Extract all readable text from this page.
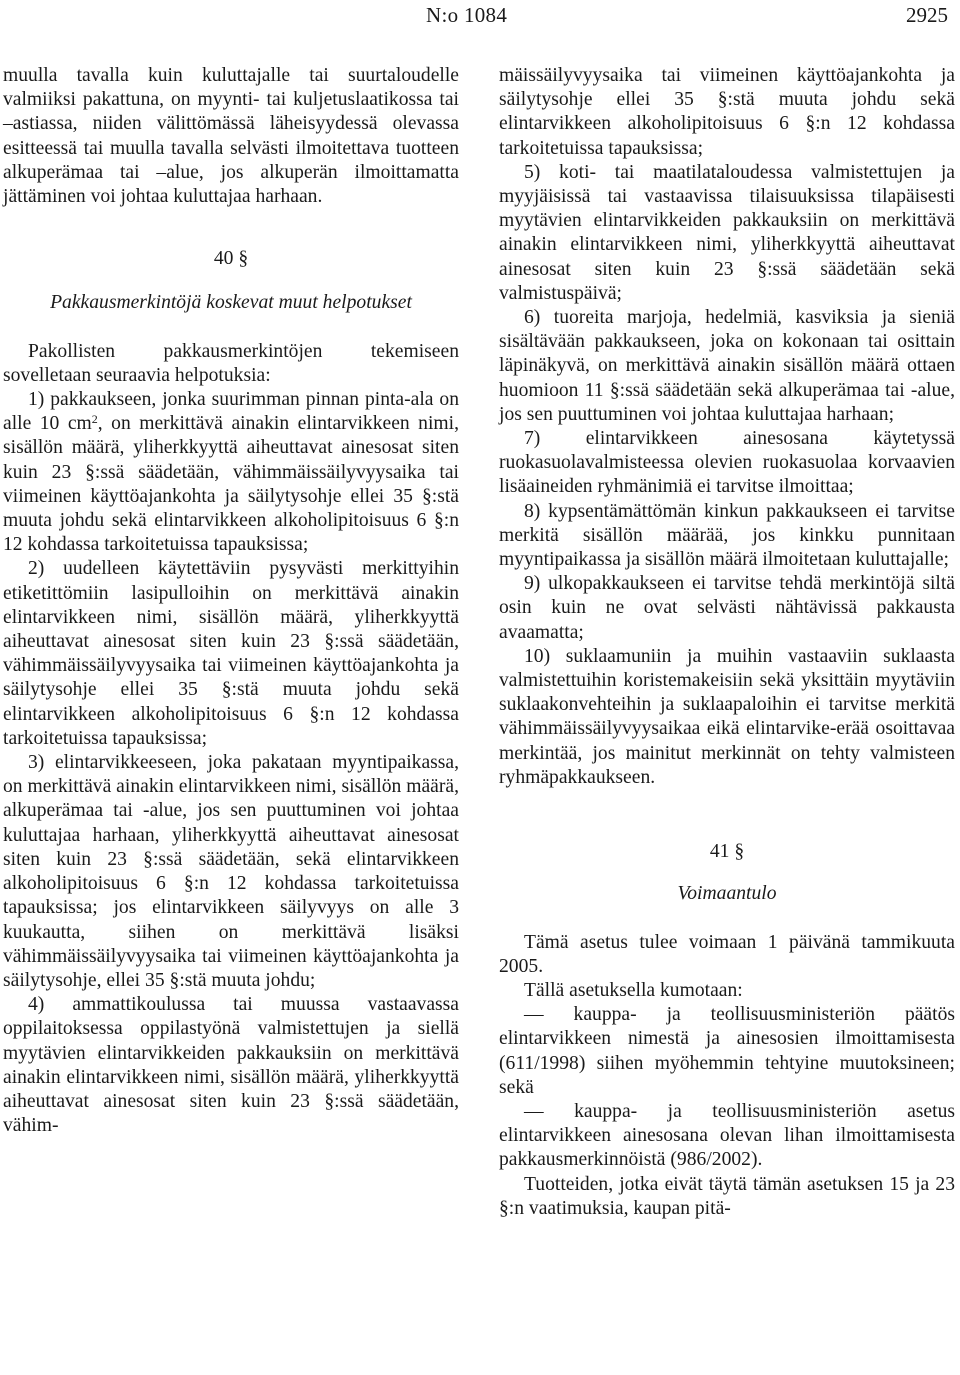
N:o 1084	2925

muulla tavalla kuin kuluttajalle tai suurtaloudelle valmiiksi pakattuna, on myynti- tai kuljetuslaatikossa tai –astiassa, niiden välittömässä läheisyydessä olevassa esitteessä tai muulla tavalla selvästi ilmoitettava tuotteen alkuperämaa tai –alue, jos alkuperän ilmoittamatta jättäminen voi johtaa kuluttajaa harhaan.

40 §
Pakkausmerkintöjä koskevat muut helpotukset

Pakollisten pakkausmerkintöjen tekemiseen sovelletaan seuraavia helpotuksia:

1) pakkaukseen, jonka suurimman pinnan pinta-ala on alle 10 $cm^2$, on merkittävä ainakin elintarvikkeen nimi, sisällön määrä, yliherkkyyttä aiheuttavat ainesosat siten kuin 23 §:ssä säädetään, vähimmäissäilyvyysaika tai viimeinen käyttöajankohta ja säilytysohje ellei 35 §:stä muuta johdu sekä elintarvikkeen alkoholipitoisuus 6 §:n 12 kohdassa tarkoitetuissa tapauksissa;

2) uudelleen käytettäviin pysyvästi merkittyihin etiketittömiin lasipulloihin on merkittävä ainakin elintarvikkeen nimi, sisällön määrä, yliherkkyyttä aiheuttavat ainesosat siten kuin 23 §:ssä säädetään, vähimmäissäilyvyysaika tai viimeinen käyttöajankohta ja säilytysohje ellei 35 §:stä muuta johdu sekä elintarvikkeen alkoholipitoisuus 6 §:n 12 kohdassa tarkoitetuissa tapauksissa;

3) elintarvikkeeseen, joka pakataan myyntipaikassa, on merkittävä ainakin elintarvikkeen nimi, sisällön määrä, alkuperämaa tai -alue, jos sen puuttuminen voi johtaa kuluttajaa harhaan, yliherkkyyttä aiheuttavat ainesosat siten kuin 23 §:ssä säädetään, sekä elintarvikkeen alkoholipitoisuus 6 §:n 12 kohdassa tarkoitetuissa tapauksissa; jos elintarvikkeen säilyvyys on alle 3 kuukautta, siihen on merkittävä lisäksi vähimmäissäilyvyysaika tai viimeinen käyttöajankohta ja säilytysohje, ellei 35 §:stä muuta johdu;

4) ammattikoulussa tai muussa vastaavassa oppilaitoksessa oppilastyönä valmistettujen ja siellä myytävien elintarvikkeiden pakkauksiin on merkittävä ainakin elintarvikkeen nimi, sisällön määrä, yliherkkyyttä aiheuttavat ainesosat siten kuin 23 §:ssä säädetään, vähim-

mäissäilyvyysaika tai viimeinen käyttöajankohta ja säilytysohje ellei 35 §:stä muuta johdu sekä elintarvikkeen alkoholipitoisuus 6 §:n 12 kohdassa tarkoitetuissa tapauksissa;

5) koti- tai maatilataloudessa valmistettujen ja myyjäisissä tai vastaavissa tilaisuuksissa tilapäisesti myytävien elintarvikkeiden pakkauksiin on merkittävä ainakin elintarvikkeen nimi, yliherkkyyttä aiheuttavat ainesosat siten kuin 23 §:ssä säädetään sekä valmistuspäivä;

6) tuoreita marjoja, hedelmiä, kasviksia ja sieniä sisältävään pakkaukseen, joka on kokonaan tai osittain läpinäkyvä, on merkittävä ainakin sisällön määrä ottaen huomioon 11 §:ssä säädetään sekä alkuperämaa tai -alue, jos sen puuttuminen voi johtaa kuluttajaa harhaan;

7) elintarvikkeen ainesosana käytetyssä ruokasuolavalmisteessa olevien ruokasuolaa korvaavien lisäaineiden ryhmänimiä ei tarvitse ilmoittaa;

8) kypsentämättömän kinkun pakkaukseen ei tarvitse merkitä sisällön määrää, jos kinkku punnitaan myyntipaikassa ja sisällön määrä ilmoitetaan kuluttajalle;

9) ulkopakkaukseen ei tarvitse tehdä merkintöjä siltä osin kuin ne ovat selvästi nähtävissä pakkausta avaamatta;

10) suklaamuniin ja muihin vastaaviin suklaasta valmistettuihin koristemakeisiin sekä yksittäin myytäviin suklaakonvehteihin ja suklaapaloihin ei tarvitse merkitä vähimmäissäilyvyysaikaa eikä elintarvike-erää osoittavaa merkintää, jos mainitut merkinnät on tehty valmisteen ryhmäpakkaukseen.

41 §
Voimaantulo

Tämä asetus tulee voimaan 1 päivänä tammikuuta 2005.

Tällä asetuksella kumotaan:

— kauppa- ja teollisuusministeriön päätös elintarvikkeen nimestä ja ainesosien ilmoittamisesta (611/1998) siihen myöhemmin tehtyine muutoksineen; sekä

— kauppa- ja teollisuusministeriön asetus elintarvikkeen ainesosana olevan lihan ilmoittamisesta pakkausmerkinnöistä (986/2002).

Tuotteiden, jotka eivät täytä tämän asetuksen 15 ja 23 §:n vaatimuksia, kaupan pitä-
